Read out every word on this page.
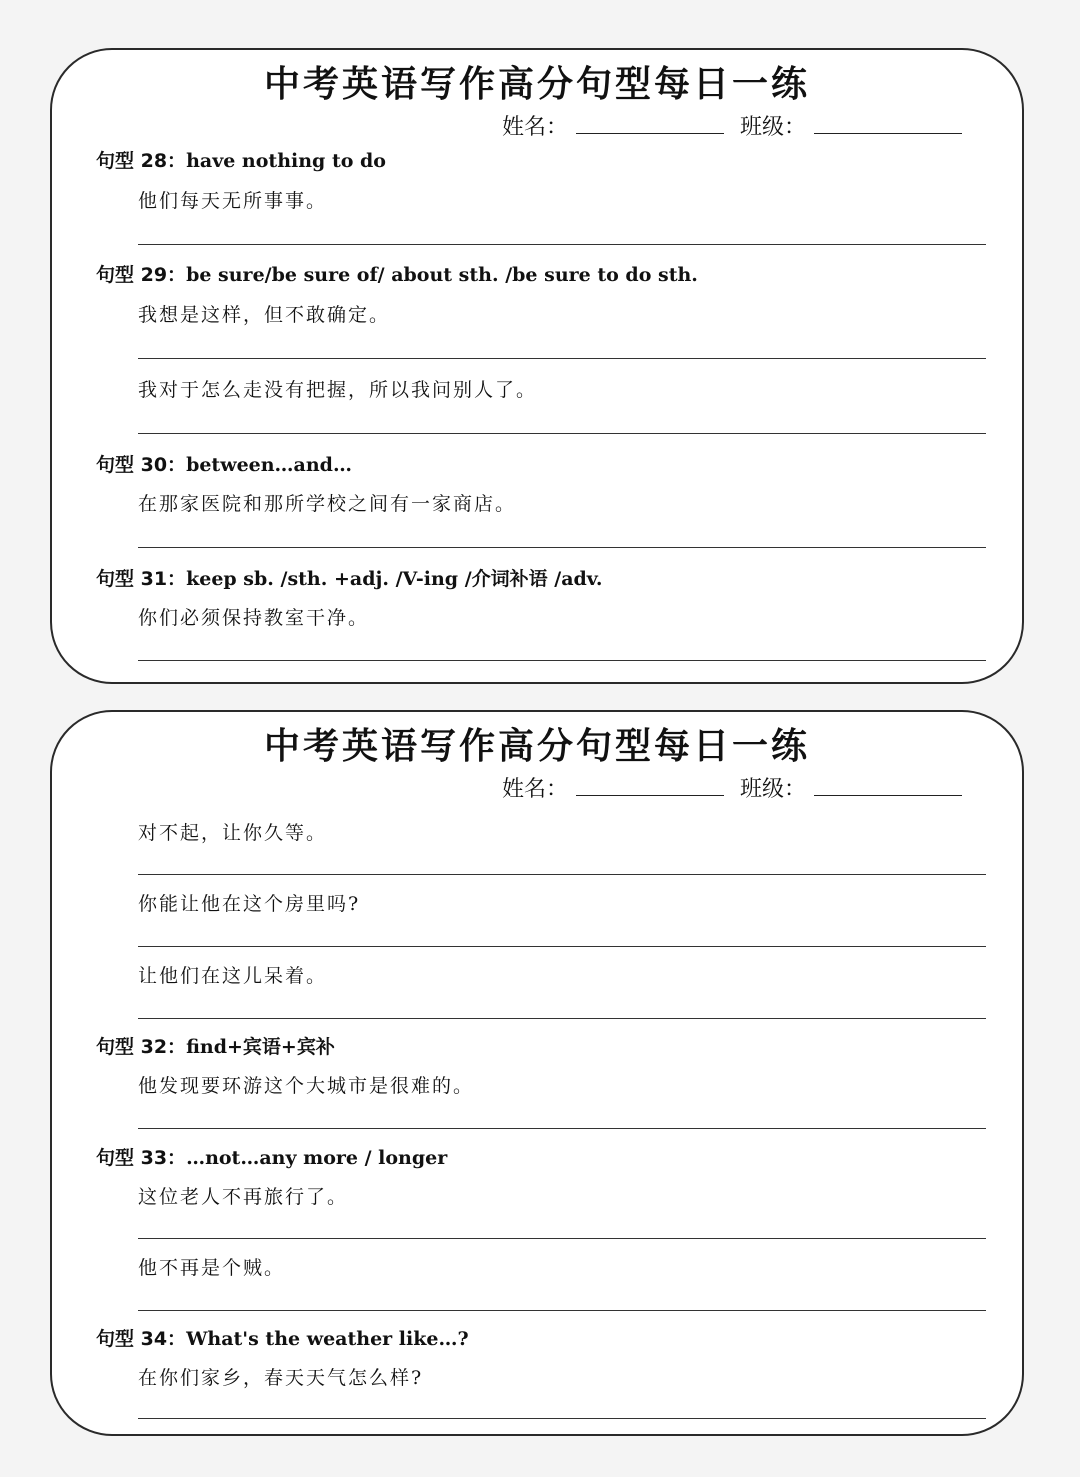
中考英语写作高分句型每日一练
姓名：	班级：
句型 28：have nothing to do
他们每天无所事事。
句型 29：be sure/be sure of/ about sth. /be sure to do sth.
我想是这样，但不敢确定。
我对于怎么走没有把握，所以我问别人了。
句型 30：between…and…
在那家医院和那所学校之间有一家商店。
句型 31：keep sb. /sth. +adj. /V-ing /介词补语 /adv.
你们必须保持教室干净。
中考英语写作高分句型每日一练
姓名：	班级：
对不起，让你久等。
你能让他在这个房里吗?
让他们在这儿呆着。
句型 32：find+宾语+宾补
他发现要环游这个大城市是很难的。
句型 33：…not…any more / longer
这位老人不再旅行了。
他不再是个贼。
句型 34：What's the weather like…?
在你们家乡，春天天气怎么样?
